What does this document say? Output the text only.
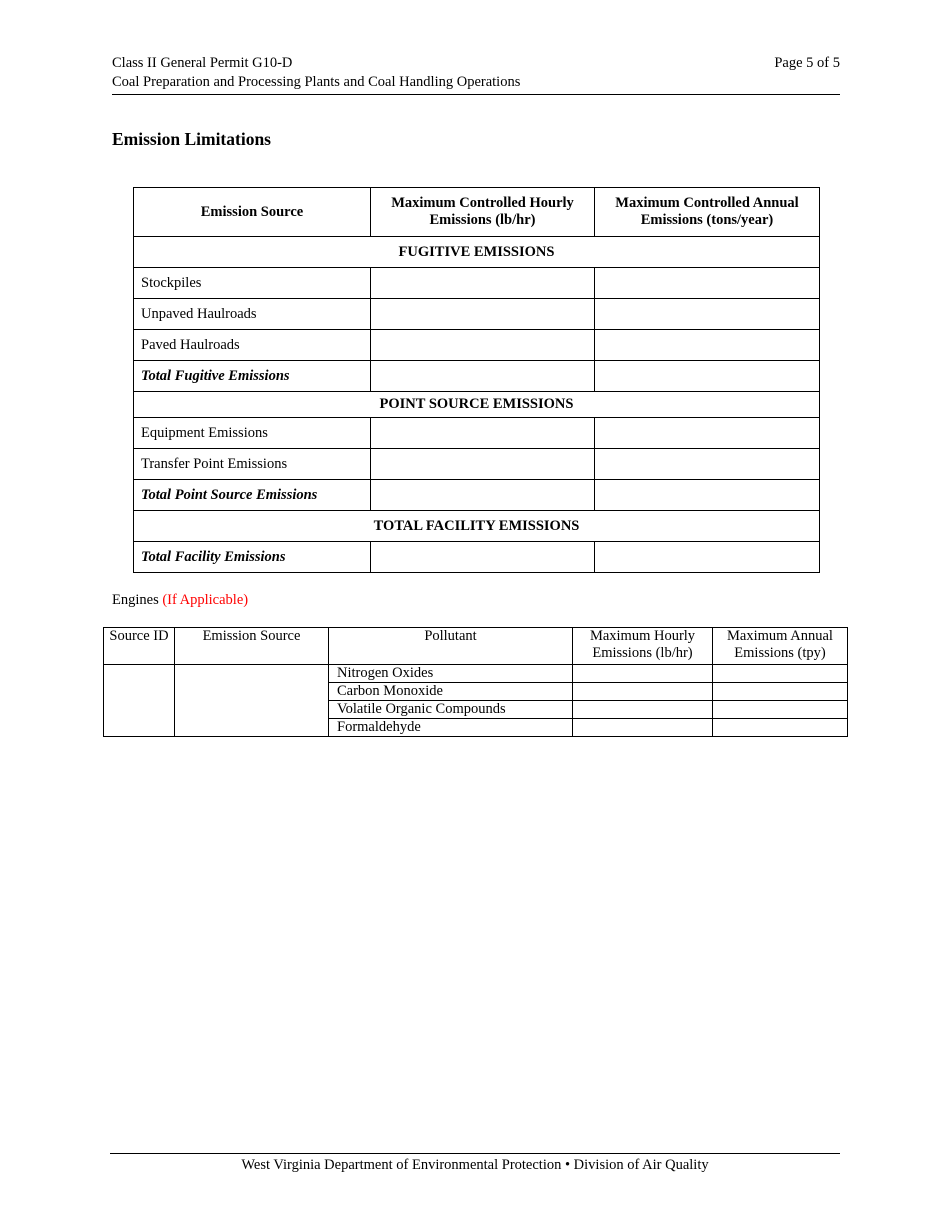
Class II General Permit G10-D	Page 5 of 5
Coal Preparation and Processing Plants and Coal Handling Operations
Emission Limitations
Emission Source	Maximum Controlled Hourly Emissions (lb/hr)	Maximum Controlled Annual Emissions (tons/year)
FUGITIVE EMISSIONS		
Stockpiles		
Unpaved Haulroads		
Paved Haulroads		
Total Fugitive Emissions		
POINT SOURCE EMISSIONS		
Equipment Emissions		
Transfer Point Emissions		
Total Point Source Emissions		
TOTAL FACILITY EMISSIONS		
Total Facility Emissions		
Engines (If Applicable)
Source ID	Emission Source	Pollutant	Maximum Hourly Emissions (lb/hr)	Maximum Annual Emissions (tpy)
		Nitrogen Oxides		
		Carbon Monoxide		
		Volatile Organic Compounds		
		Formaldehyde		
West Virginia Department of Environmental Protection • Division of Air Quality
